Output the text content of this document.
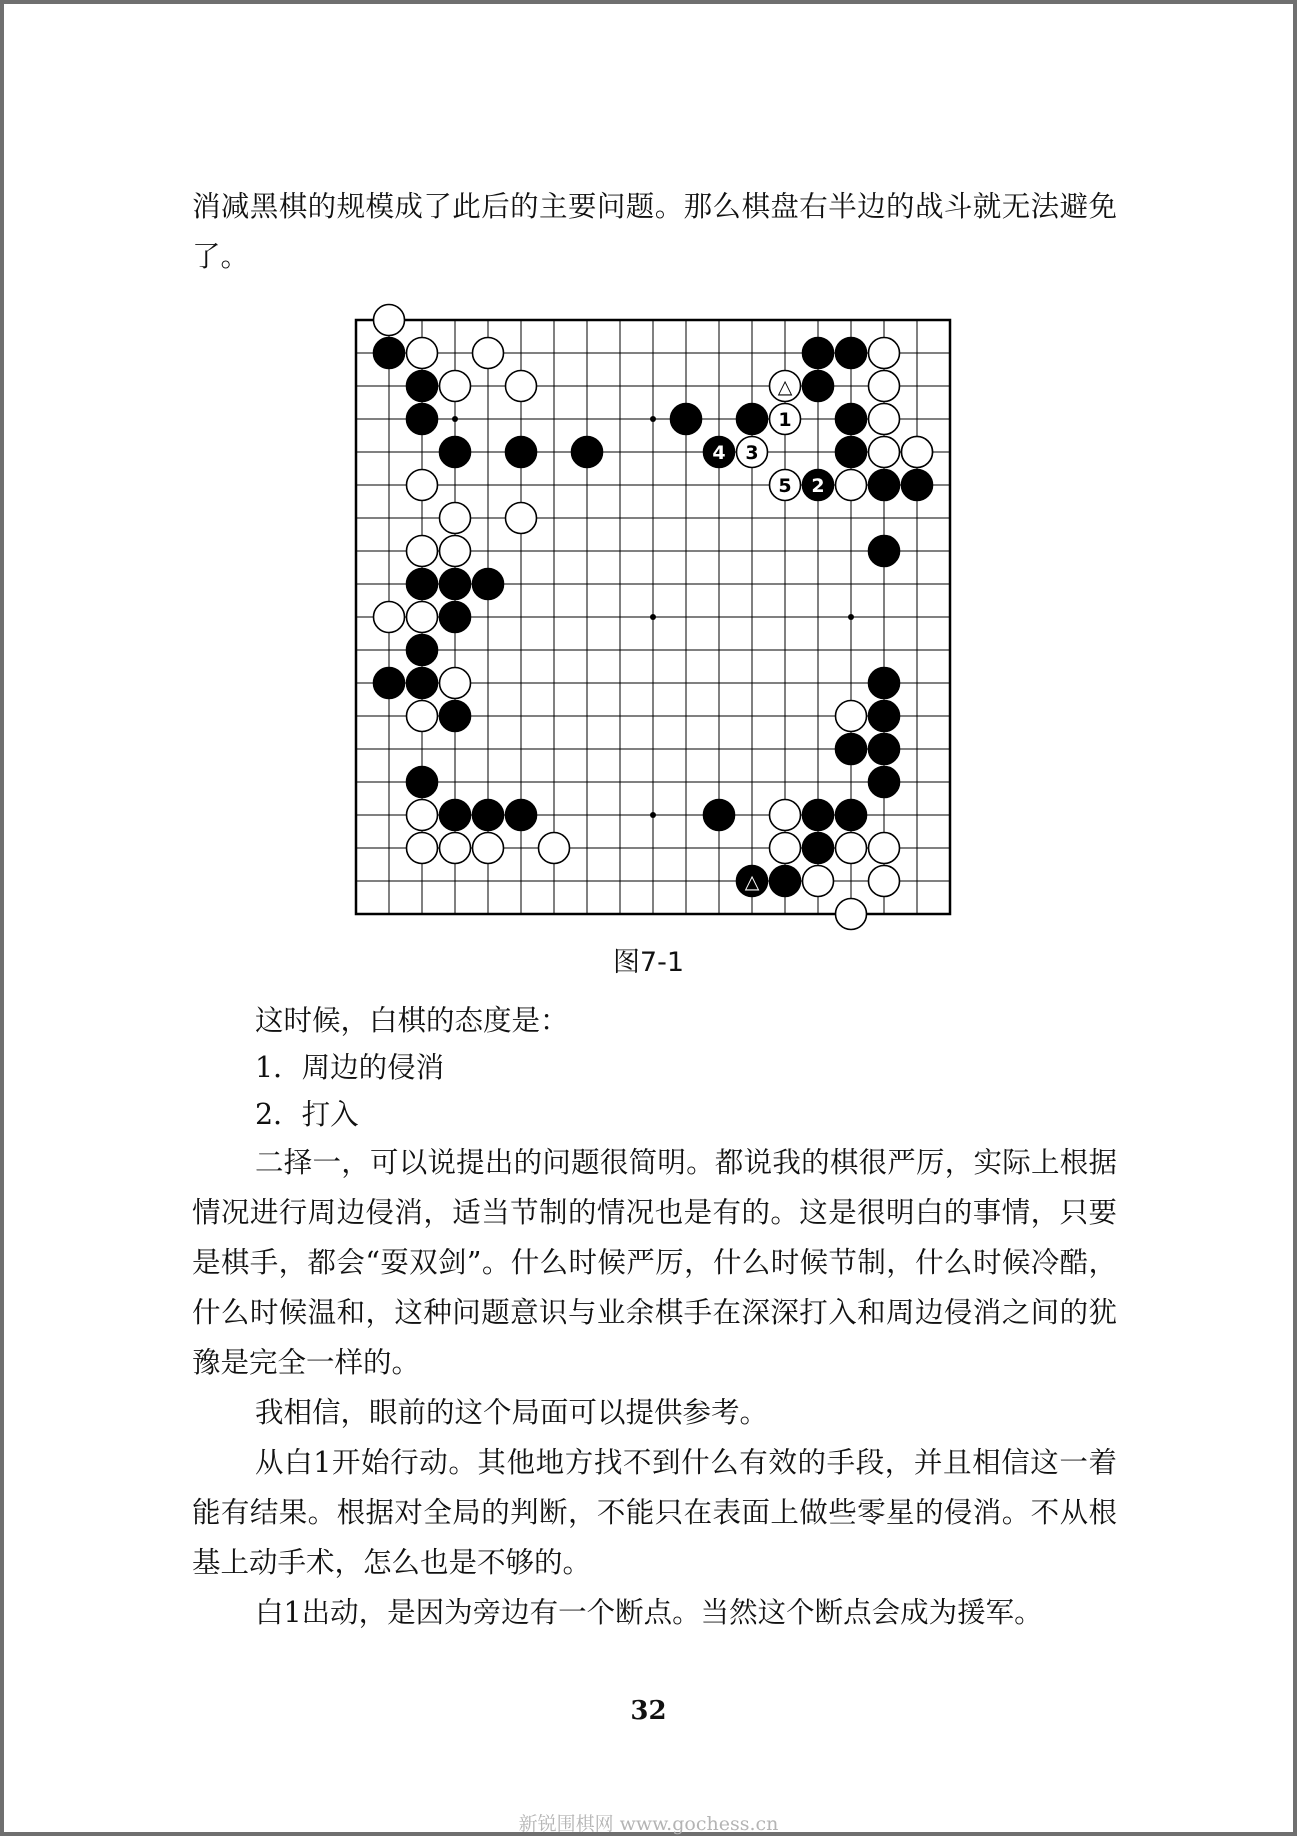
消减黑棋的规模成了此后的主要问题。那么棋盘右半边的战斗就无法避免了。

△
△
1
2
3
4
5
图7-1

这时候，白棋的态度是：

1．周边的侵消

2．打入

二择一，可以说提出的问题很简明。都说我的棋很严厉，实际上根据情况进行周边侵消，适当节制的情况也是有的。这是很明白的事情，只要是棋手，都会“耍双剑”。什么时候严厉，什么时候节制，什么时候冷酷，什么时候温和，这种问题意识与业余棋手在深深打入和周边侵消之间的犹豫是完全一样的。

我相信，眼前的这个局面可以提供参考。

从白1开始行动。其他地方找不到什么有效的手段，并且相信这一着能有结果。根据对全局的判断，不能只在表面上做些零星的侵消。不从根基上动手术，怎么也是不够的。

白1出动，是因为旁边有一个断点。当然这个断点会成为援军。

32
新锐围棋网 www.gochess.cn
